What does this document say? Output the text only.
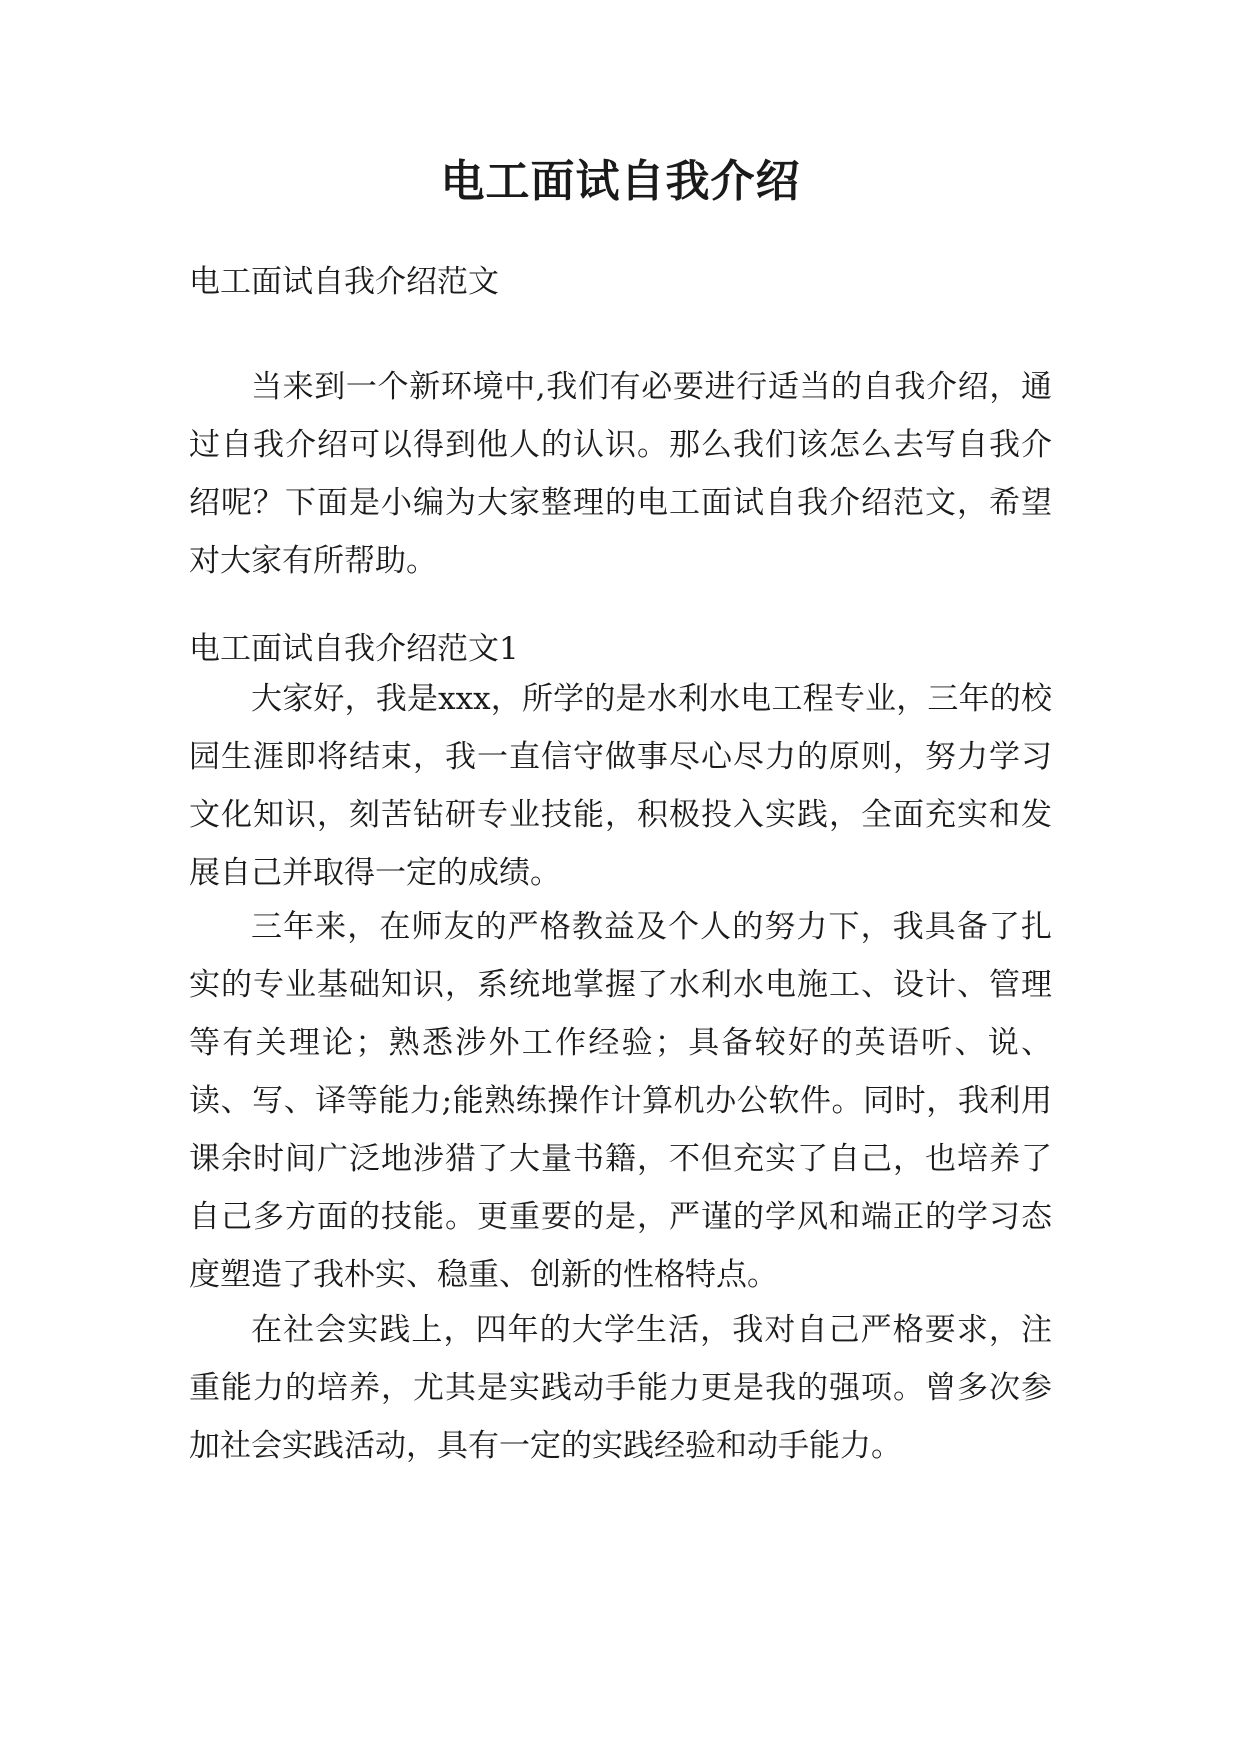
电工面试自我介绍
电工面试自我介绍范文
当来到一个新环境中,我们有必要进行适当的自我介绍，通过自我介绍可以得到他人的认识。那么我们该怎么去写自我介绍呢？下面是小编为大家整理的电工面试自我介绍范文，希望对大家有所帮助。
电工面试自我介绍范文1
大家好，我是xxx，所学的是水利水电工程专业，三年的校园生涯即将结束，我一直信守做事尽心尽力的原则，努力学习文化知识，刻苦钻研专业技能，积极投入实践，全面充实和发展自己并取得一定的成绩。
三年来，在师友的严格教益及个人的努力下，我具备了扎实的专业基础知识，系统地掌握了水利水电施工、设计、管理等有关理论；熟悉涉外工作经验；具备较好的英语听、说、读、写、译等能力;能熟练操作计算机办公软件。同时，我利用课余时间广泛地涉猎了大量书籍，不但充实了自己，也培养了自己多方面的技能。更重要的是，严谨的学风和端正的学习态度塑造了我朴实、稳重、创新的性格特点。
在社会实践上，四年的大学生活，我对自己严格要求，注重能力的培养，尤其是实践动手能力更是我的强项。曾多次参加社会实践活动，具有一定的实践经验和动手能力。
